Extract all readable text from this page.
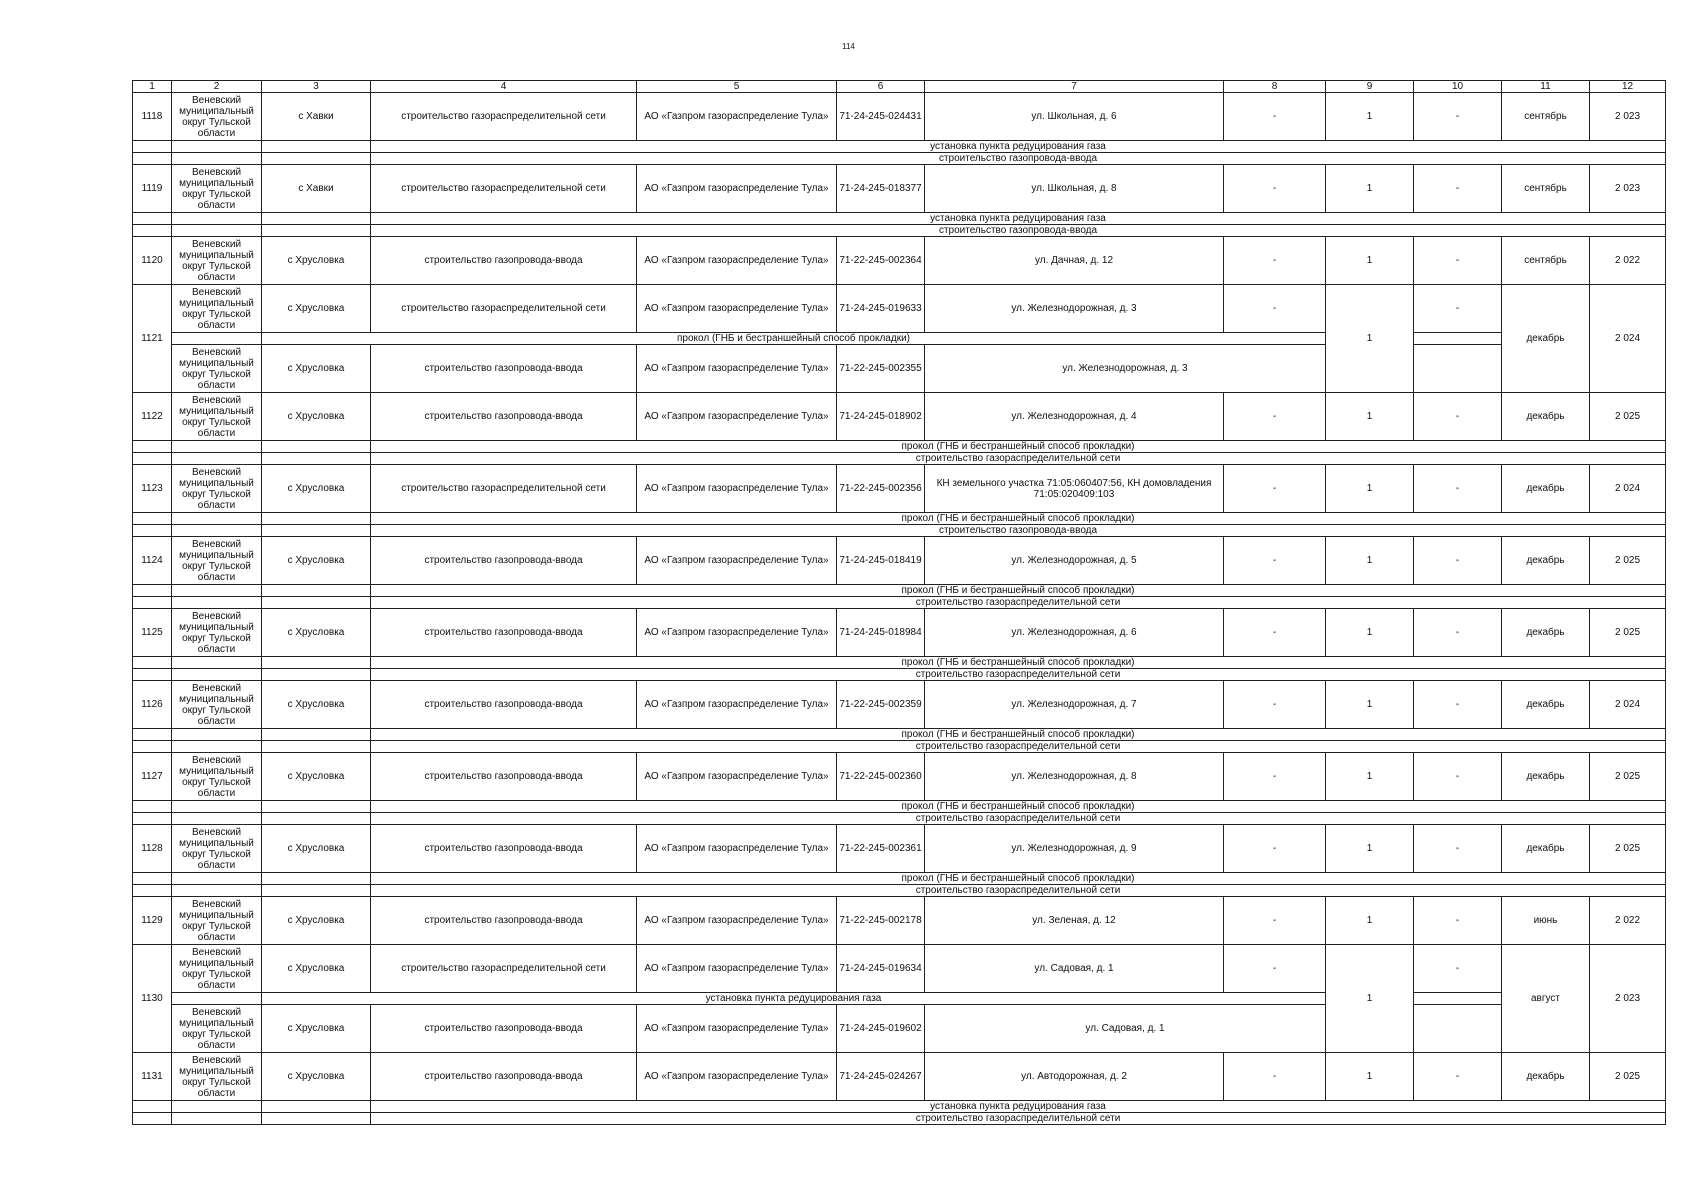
114
1	2	3	4	5	6	7	8	9	10	11	12
1118	Веневский муниципальный округ Тульской области	с Хавки	строительство газораспределительной сети	АО «Газпром газораспределение Тула»	71-24-245-024431	ул. Школьная, д. 6	-	1	-	сентябрь	2 023
			установка пункта редуцирования газа								
			строительство газопровода-ввода								
1119	Веневский муниципальный округ Тульской области	с Хавки	строительство газораспределительной сети	АО «Газпром газораспределение Тула»	71-24-245-018377	ул. Школьная, д. 8	-	1	-	сентябрь	2 023
			установка пункта редуцирования газа								
			строительство газопровода-ввода								
1120	Веневский муниципальный округ Тульской области	с Хрусловка	строительство газопровода-ввода	АО «Газпром газораспределение Тула»	71-22-245-002364	ул. Дачная, д. 12	-	1	-	сентябрь	2 022
1121	Веневский муниципальный округ Тульской области	с Хрусловка	строительство газораспределительной сети	АО «Газпром газораспределение Тула»	71-24-245-019633	ул. Железнодорожная, д. 3	-	1	-	декабрь	2 024
		прокол (ГНБ и бестраншейный способ прокладки)									
	Веневский муниципальный округ Тульской области	с Хрусловка	строительство газопровода-ввода	АО «Газпром газораспределение Тула»	71-22-245-002355	ул. Железнодорожная, д. 3					
1122	Веневский муниципальный округ Тульской области	с Хрусловка	строительство газопровода-ввода	АО «Газпром газораспределение Тула»	71-24-245-018902	ул. Железнодорожная, д. 4	-	1	-	декабрь	2 025
			прокол (ГНБ и бестраншейный способ прокладки)								
			строительство газораспределительной сети								
1123	Веневский муниципальный округ Тульской области	с Хрусловка	строительство газораспределительной сети	АО «Газпром газораспределение Тула»	71-22-245-002356	КН земельного участка 71:05:060407:56, КН домовладения 71:05:020409:103	-	1	-	декабрь	2 024
			прокол (ГНБ и бестраншейный способ прокладки)								
			строительство газопровода-ввода								
1124	Веневский муниципальный округ Тульской области	с Хрусловка	строительство газопровода-ввода	АО «Газпром газораспределение Тула»	71-24-245-018419	ул. Железнодорожная, д. 5	-	1	-	декабрь	2 025
			прокол (ГНБ и бестраншейный способ прокладки)								
			строительство газораспределительной сети								
1125	Веневский муниципальный округ Тульской области	с Хрусловка	строительство газопровода-ввода	АО «Газпром газораспределение Тула»	71-24-245-018984	ул. Железнодорожная, д. 6	-	1	-	декабрь	2 025
			прокол (ГНБ и бестраншейный способ прокладки)								
			строительство газораспределительной сети								
1126	Веневский муниципальный округ Тульской области	с Хрусловка	строительство газопровода-ввода	АО «Газпром газораспределение Тула»	71-22-245-002359	ул. Железнодорожная, д. 7	-	1	-	декабрь	2 024
			прокол (ГНБ и бестраншейный способ прокладки)								
			строительство газораспределительной сети								
1127	Веневский муниципальный округ Тульской области	с Хрусловка	строительство газопровода-ввода	АО «Газпром газораспределение Тула»	71-22-245-002360	ул. Железнодорожная, д. 8	-	1	-	декабрь	2 025
			прокол (ГНБ и бестраншейный способ прокладки)								
			строительство газораспределительной сети								
1128	Веневский муниципальный округ Тульской области	с Хрусловка	строительство газопровода-ввода	АО «Газпром газораспределение Тула»	71-22-245-002361	ул. Железнодорожная, д. 9	-	1	-	декабрь	2 025
			прокол (ГНБ и бестраншейный способ прокладки)								
			строительство газораспределительной сети								
1129	Веневский муниципальный округ Тульской области	с Хрусловка	строительство газопровода-ввода	АО «Газпром газораспределение Тула»	71-22-245-002178	ул. Зеленая, д. 12	-	1	-	июнь	2 022
1130	Веневский муниципальный округ Тульской области	с Хрусловка	строительство газораспределительной сети	АО «Газпром газораспределение Тула»	71-24-245-019634	ул. Садовая, д. 1	-	1	-	август	2 023
		установка пункта редуцирования газа									
	Веневский муниципальный округ Тульской области	с Хрусловка	строительство газопровода-ввода	АО «Газпром газораспределение Тула»	71-24-245-019602	ул. Садовая, д. 1					
1131	Веневский муниципальный округ Тульской области	с Хрусловка	строительство газопровода-ввода	АО «Газпром газораспределение Тула»	71-24-245-024267	ул. Автодорожная, д. 2	-	1	-	декабрь	2 025
			установка пункта редуцирования газа								
			строительство газораспределительной сети								
